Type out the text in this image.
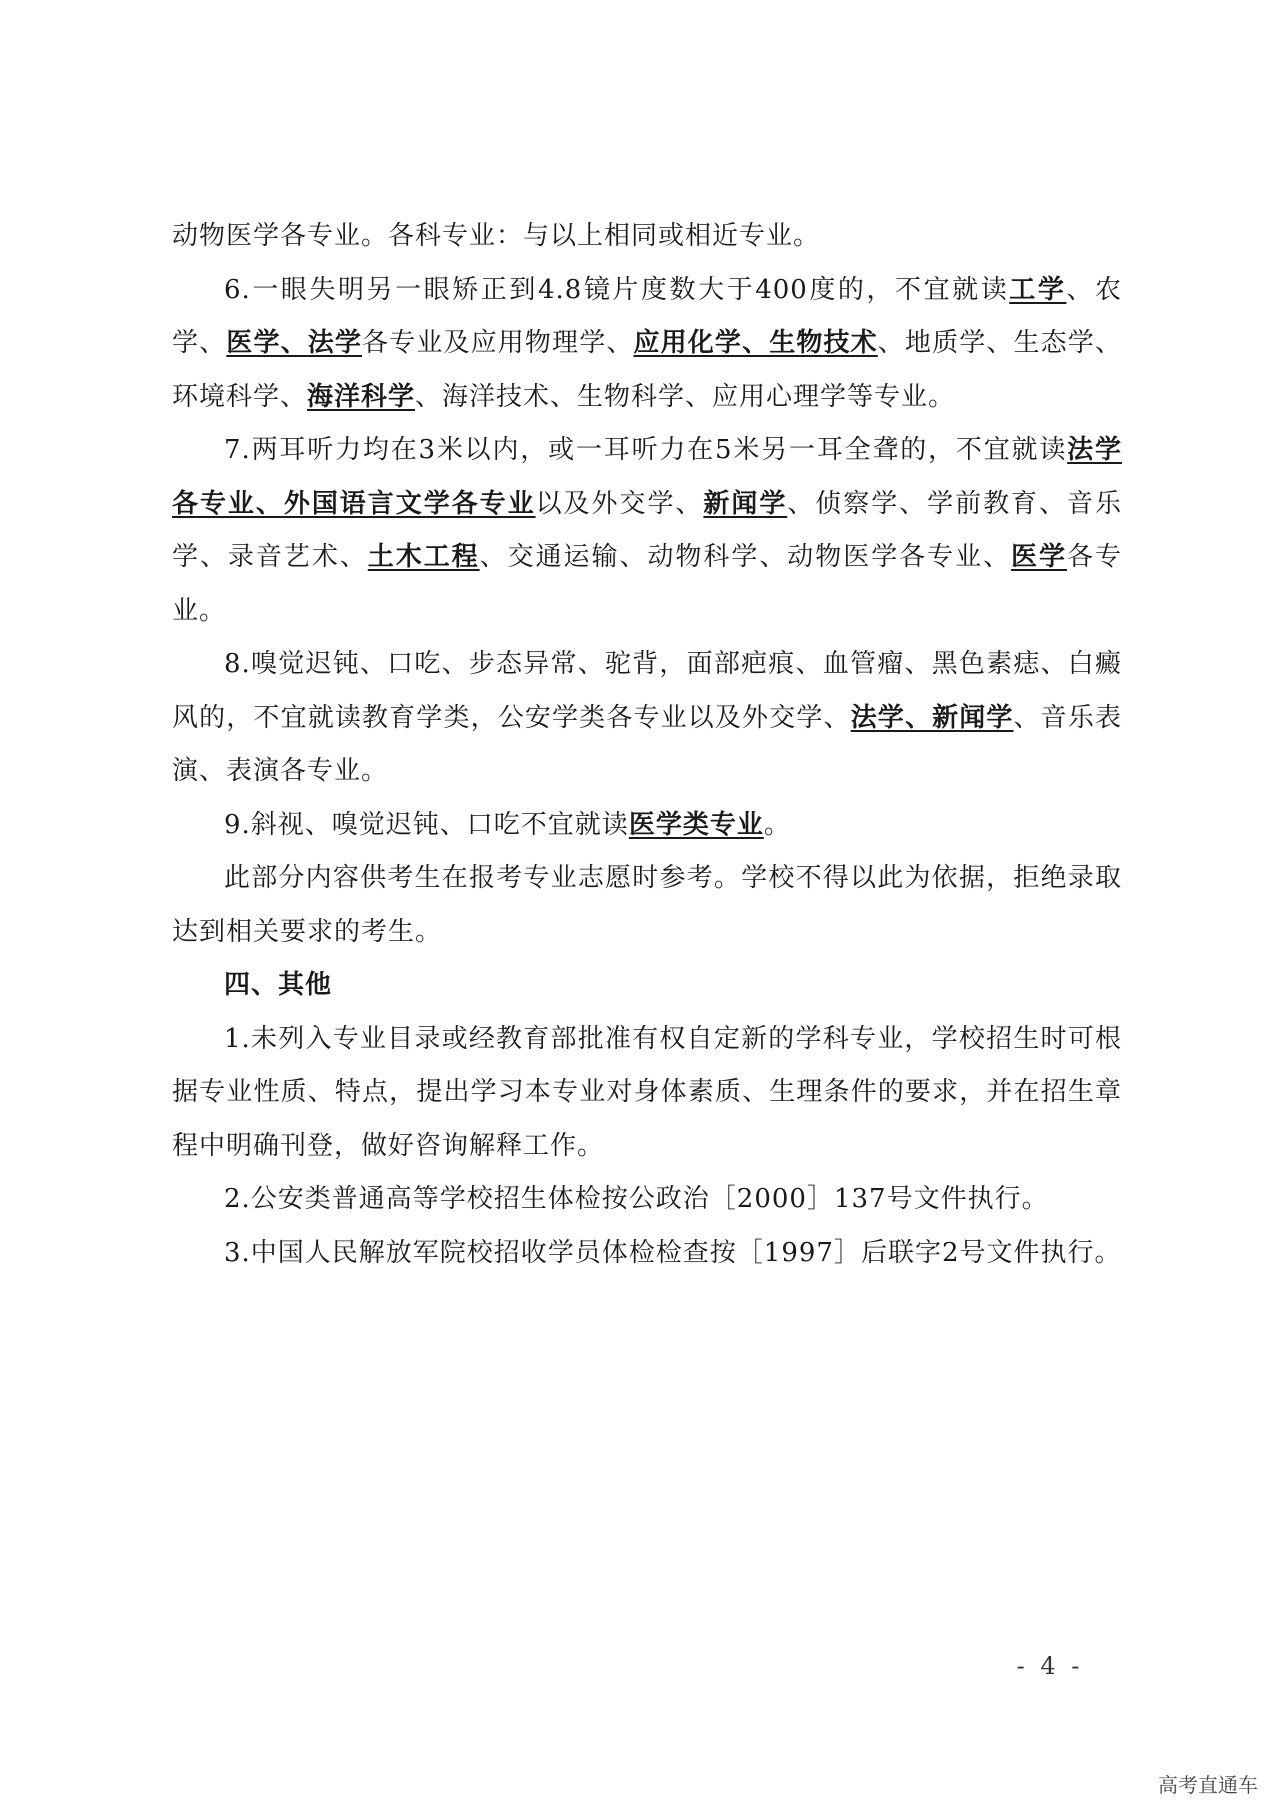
动物医学各专业。各科专业：与以上相同或相近专业。

6.一眼失明另一眼矫正到4.8镜片度数大于400度的，不宜就读工学、农学、医学、法学各专业及应用物理学、应用化学、生物技术、地质学、生态学、环境科学、海洋科学、海洋技术、生物科学、应用心理学等专业。

7.两耳听力均在3米以内，或一耳听力在5米另一耳全聋的，不宜就读法学各专业、外国语言文学各专业以及外交学、新闻学、侦察学、学前教育、音乐学、录音艺术、土木工程、交通运输、动物科学、动物医学各专业、医学各专业。

8.嗅觉迟钝、口吃、步态异常、驼背，面部疤痕、血管瘤、黑色素痣、白癜风的，不宜就读教育学类，公安学类各专业以及外交学、法学、新闻学、音乐表演、表演各专业。

9.斜视、嗅觉迟钝、口吃不宜就读医学类专业。

此部分内容供考生在报考专业志愿时参考。学校不得以此为依据，拒绝录取达到相关要求的考生。

四、其他

1.未列入专业目录或经教育部批准有权自定新的学科专业，学校招生时可根据专业性质、特点，提出学习本专业对身体素质、生理条件的要求，并在招生章程中明确刊登，做好咨询解释工作。

2.公安类普通高等学校招生体检按公政治［2000］137号文件执行。

3.中国人民解放军院校招收学员体检检查按［1997］后联字2号文件执行。

- 4 -
高考直通车
